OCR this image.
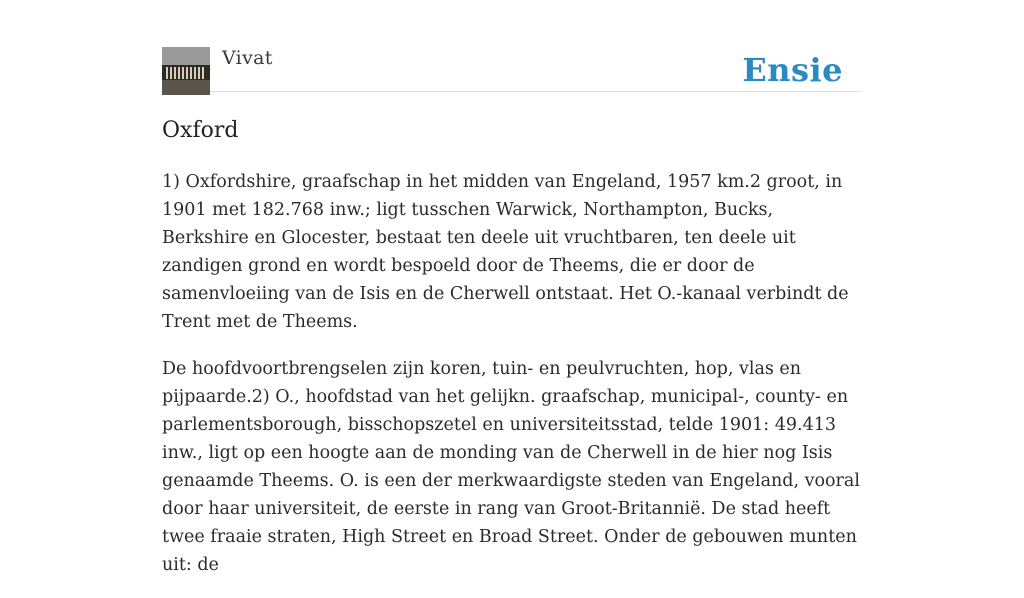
Vivat	Ensie
Oxford

1) Oxfordshire, graafschap in het midden van Engeland, 1957 km.2 groot, in 1901 met 182.768 inw.; ligt tusschen Warwick, Northampton, Bucks, Berkshire en Glocester, bestaat ten deele uit vruchtbaren, ten deele uit zandigen grond en wordt bespoeld door de Theems, die er door de samenvloeiing van de Isis en de Cherwell ontstaat. Het O.-kanaal verbindt de Trent met de Theems.

De hoofdvoortbrengselen zijn koren, tuin- en peulvruchten, hop, vlas en pijpaarde.2) O., hoofdstad van het gelijkn. graafschap, municipal-, county- en parlementsborough, bisschopszetel en universiteitsstad, telde 1901: 49.413 inw., ligt op een hoogte aan de monding van de Cherwell in de hier nog Isis genaamde Theems. O. is een der merkwaardigste steden van Engeland, vooral door haar universiteit, de eerste in rang van Groot-Britannië. De stad heeft twee fraaie straten, High Street en Broad Street. Onder de gebouwen munten uit: de
